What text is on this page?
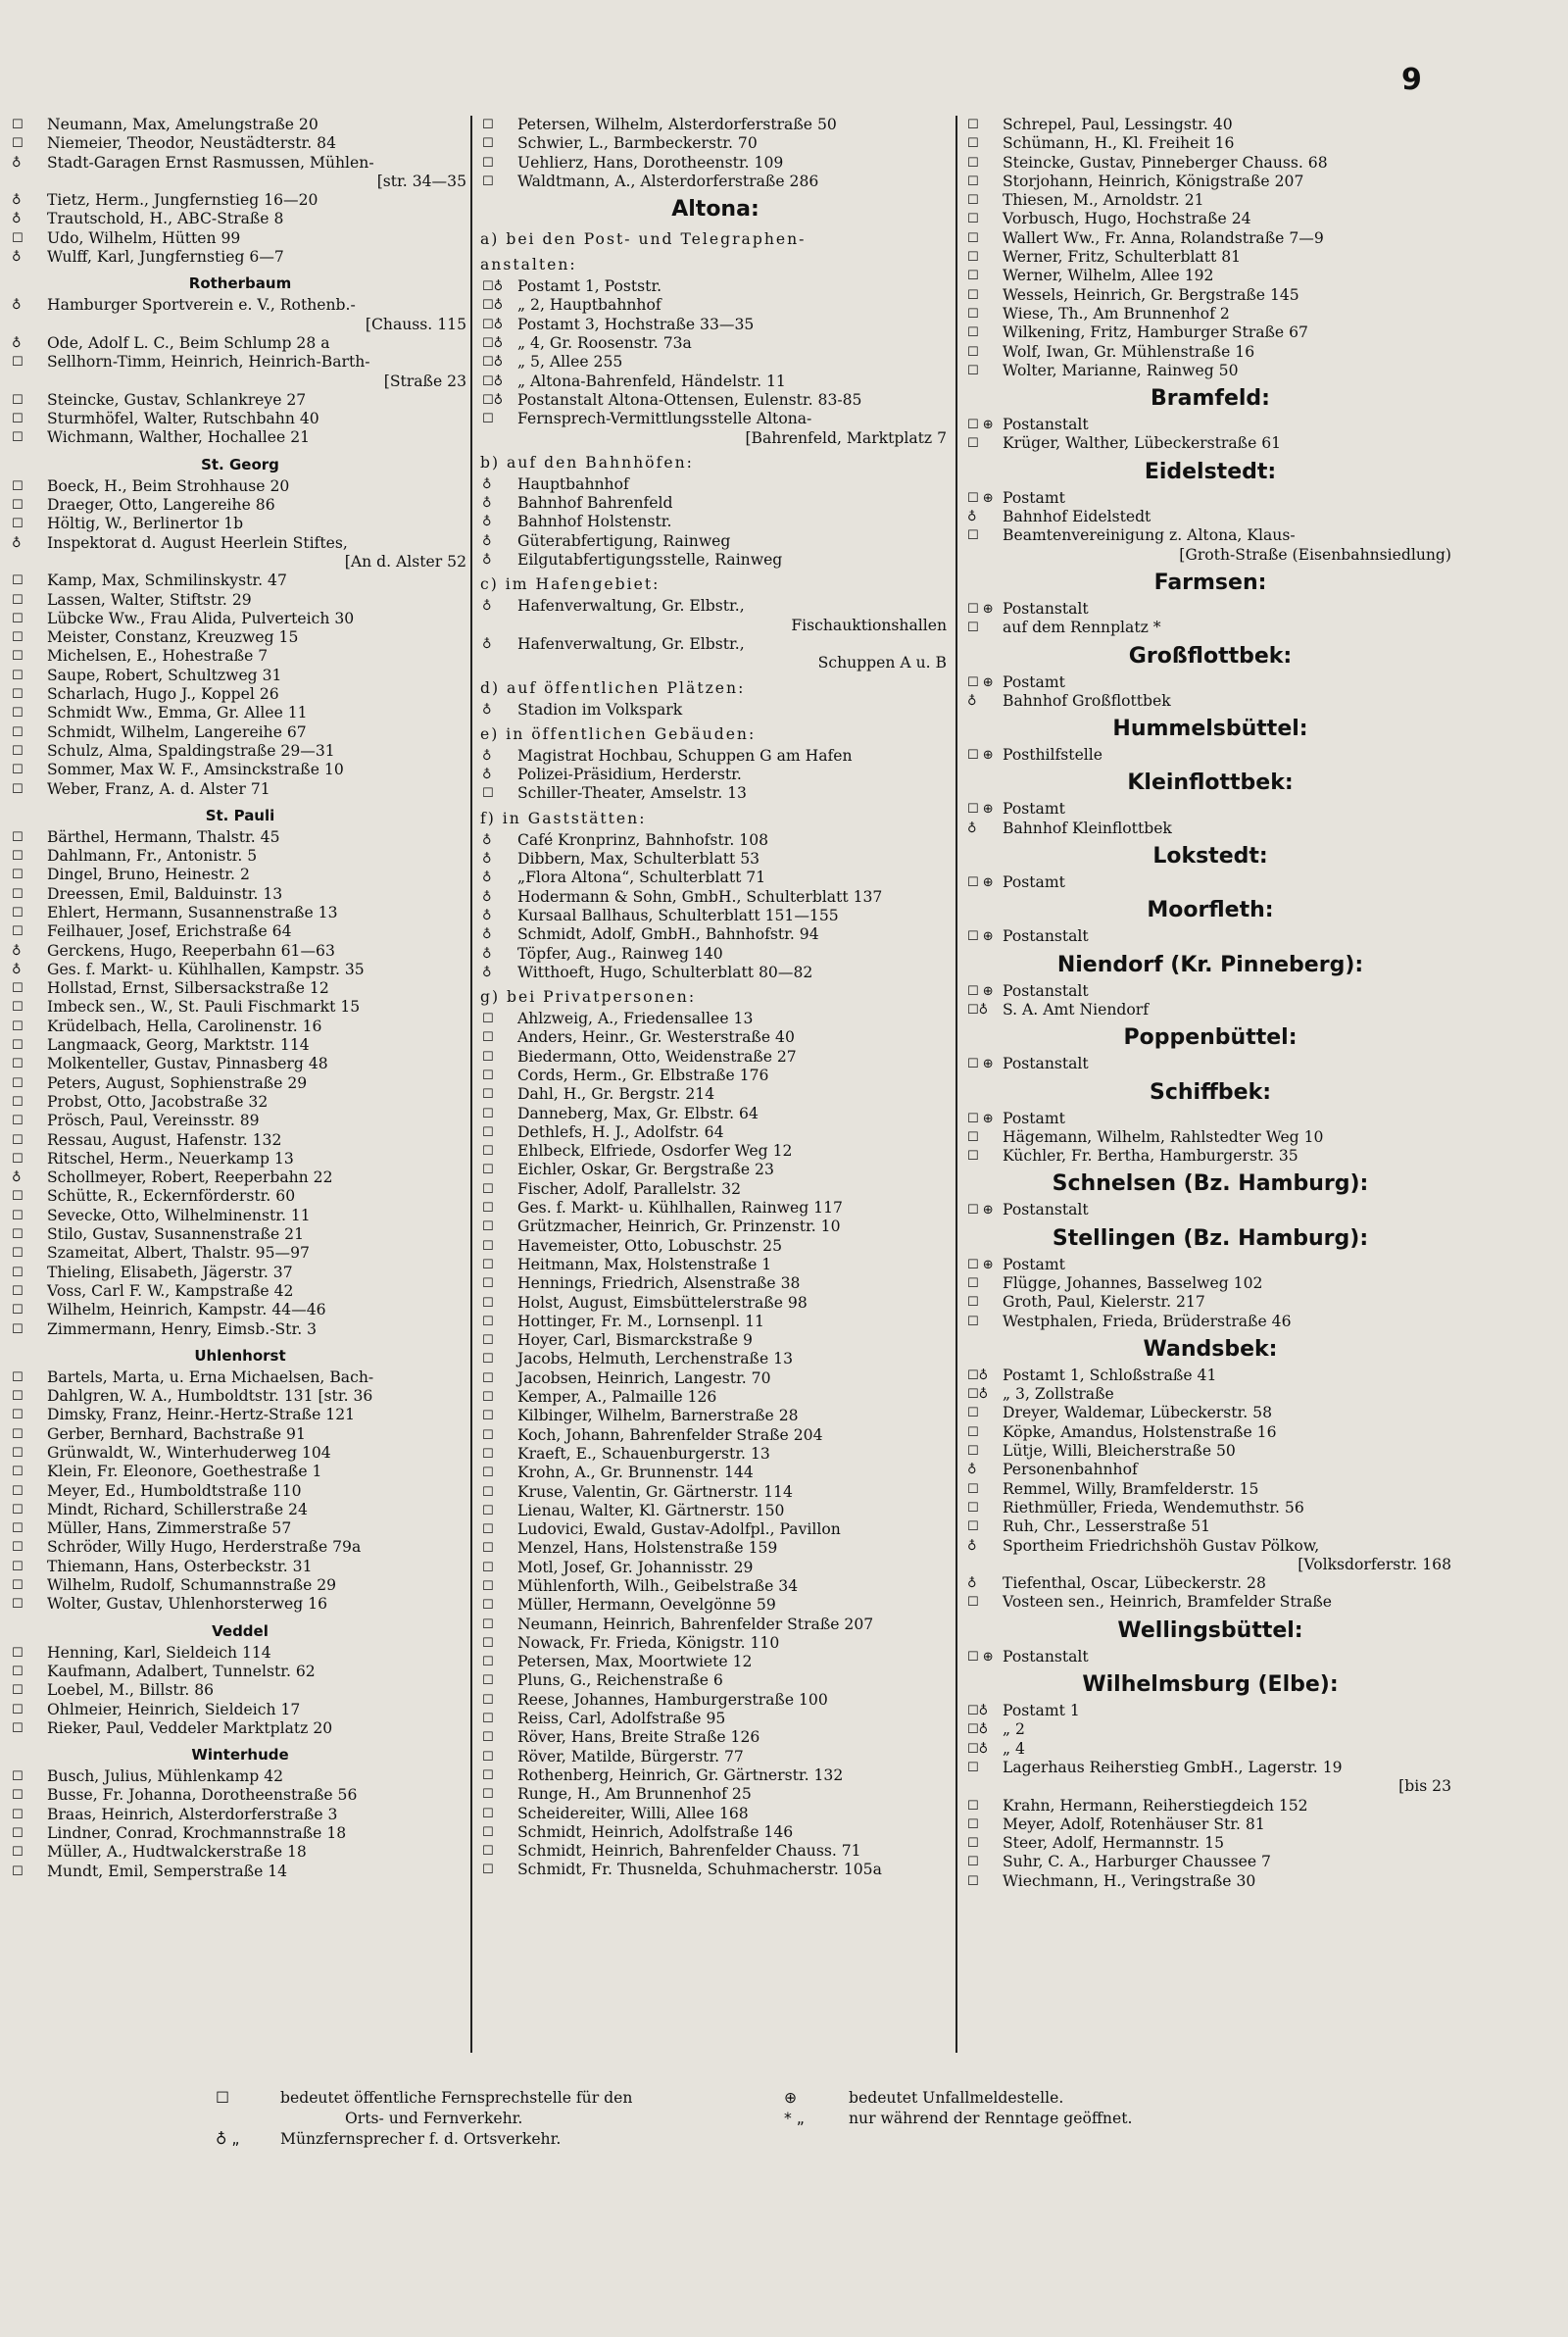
9
☐	Neumann, Max, Amelungstraße 20
☐	Niemeier, Theodor, Neustädterstr. 84
♁	Stadt-Garagen Ernst Rasmussen, Mühlen-
[str. 34—35
♁	Tietz, Herm., Jungfernstieg 16—20
♁	Trautschold, H., ABC-Straße 8
☐	Udo, Wilhelm, Hütten 99
♁	Wulff, Karl, Jungfernstieg 6—7
Rotherbaum
♁	Hamburger Sportverein e. V., Rothenb.-
[Chauss. 115
♁	Ode, Adolf L. C., Beim Schlump 28 a
☐	Sellhorn-Timm, Heinrich, Heinrich-Barth-
[Straße 23
☐	Steincke, Gustav, Schlankreye 27
☐	Sturmhöfel, Walter, Rutschbahn 40
☐	Wichmann, Walther, Hochallee 21
St. Georg
☐	Boeck, H., Beim Strohhause 20
☐	Draeger, Otto, Langereihe 86
☐	Höltig, W., Berlinertor 1b
♁	Inspektorat d. August Heerlein Stiftes,
[An d. Alster 52
☐	Kamp, Max, Schmilinskystr. 47
☐	Lassen, Walter, Stiftstr. 29
☐	Lübcke Ww., Frau Alida, Pulverteich 30
☐	Meister, Constanz, Kreuzweg 15
☐	Michelsen, E., Hohestraße 7
☐	Saupe, Robert, Schultzweg 31
☐	Scharlach, Hugo J., Koppel 26
☐	Schmidt Ww., Emma, Gr. Allee 11
☐	Schmidt, Wilhelm, Langereihe 67
☐	Schulz, Alma, Spaldingstraße 29—31
☐	Sommer, Max W. F., Amsinckstraße 10
☐	Weber, Franz, A. d. Alster 71
St. Pauli
☐	Bärthel, Hermann, Thalstr. 45
☐	Dahlmann, Fr., Antonistr. 5
☐	Dingel, Bruno, Heinestr. 2
☐	Dreessen, Emil, Balduinstr. 13
☐	Ehlert, Hermann, Susannenstraße 13
☐	Feilhauer, Josef, Erichstraße 64
♁	Gerckens, Hugo, Reeperbahn 61—63
♁	Ges. f. Markt- u. Kühlhallen, Kampstr. 35
☐	Hollstad, Ernst, Silbersackstraße 12
☐	Imbeck sen., W., St. Pauli Fischmarkt 15
☐	Krüdelbach, Hella, Carolinenstr. 16
☐	Langmaack, Georg, Marktstr. 114
☐	Molkenteller, Gustav, Pinnasberg 48
☐	Peters, August, Sophienstraße 29
☐	Probst, Otto, Jacobstraße 32
☐	Prösch, Paul, Vereinsstr. 89
☐	Ressau, August, Hafenstr. 132
☐	Ritschel, Herm., Neuerkamp 13
♁	Schollmeyer, Robert, Reeperbahn 22
☐	Schütte, R., Eckernförderstr. 60
☐	Sevecke, Otto, Wilhelminenstr. 11
☐	Stilo, Gustav, Susannenstraße 21
☐	Szameitat, Albert, Thalstr. 95—97
☐	Thieling, Elisabeth, Jägerstr. 37
☐	Voss, Carl F. W., Kampstraße 42
☐	Wilhelm, Heinrich, Kampstr. 44—46
☐	Zimmermann, Henry, Eimsb.-Str. 3
Uhlenhorst
☐	Bartels, Marta, u. Erna Michaelsen, Bach-
☐	Dahlgren, W. A., Humboldtstr. 131 [str. 36
☐	Dimsky, Franz, Heinr.-Hertz-Straße 121
☐	Gerber, Bernhard, Bachstraße 91
☐	Grünwaldt, W., Winterhuderweg 104
☐	Klein, Fr. Eleonore, Goethestraße 1
☐	Meyer, Ed., Humboldtstraße 110
☐	Mindt, Richard, Schillerstraße 24
☐	Müller, Hans, Zimmerstraße 57
☐	Schröder, Willy Hugo, Herderstraße 79a
☐	Thiemann, Hans, Osterbeckstr. 31
☐	Wilhelm, Rudolf, Schumannstraße 29
☐	Wolter, Gustav, Uhlenhorsterweg 16
Veddel
☐	Henning, Karl, Sieldeich 114
☐	Kaufmann, Adalbert, Tunnelstr. 62
☐	Loebel, M., Billstr. 86
☐	Ohlmeier, Heinrich, Sieldeich 17
☐	Rieker, Paul, Veddeler Marktplatz 20
Winterhude
☐	Busch, Julius, Mühlenkamp 42
☐	Busse, Fr. Johanna, Dorotheenstraße 56
☐	Braas, Heinrich, Alsterdorferstraße 3
☐	Lindner, Conrad, Krochmannstraße 18
☐	Müller, A., Hudtwalckerstraße 18
☐	Mundt, Emil, Semperstraße 14
☐	Petersen, Wilhelm, Alsterdorferstraße 50
☐	Schwier, L., Barmbeckerstr. 70
☐	Uehlierz, Hans, Dorotheenstr. 109
☐	Waldtmann, A., Alsterdorferstraße 286
Altona:
a) bei den Post- und Telegraphen-
anstalten:
☐♁ Postamt 1, Poststr.
☐♁ „ 2, Hauptbahnhof
☐♁ Postamt 3, Hochstraße 33—35
☐♁ „ 4, Gr. Roosenstr. 73a
☐♁ „ 5, Allee 255
☐♁ „ Altona-Bahrenfeld, Händelstr. 11
☐♁ Postanstalt Altona-Ottensen, Eulenstr. 83-85
☐	Fernsprech-Vermittlungsstelle Altona-
[Bahrenfeld, Marktplatz 7
b) auf den Bahnhöfen:
♁	Hauptbahnhof
♁	Bahnhof Bahrenfeld
♁	Bahnhof Holstenstr.
♁	Güterabfertigung, Rainweg
♁	Eilgutabfertigungsstelle, Rainweg
c) im Hafengebiet:
♁	Hafenverwaltung, Gr. Elbstr.,
Fischauktionshallen
♁	Hafenverwaltung, Gr. Elbstr.,
Schuppen A u. B
d) auf öffentlichen Plätzen:
♁	Stadion im Volkspark
e) in öffentlichen Gebäuden:
♁	Magistrat Hochbau, Schuppen G am Hafen
♁	Polizei-Präsidium, Herderstr.
☐	Schiller-Theater, Amselstr. 13
f) in Gaststätten:
♁	Café Kronprinz, Bahnhofstr. 108
♁	Dibbern, Max, Schulterblatt 53
♁	„Flora Altona“, Schulterblatt 71
♁	Hodermann & Sohn, GmbH., Schulterblatt 137
♁	Kursaal Ballhaus, Schulterblatt 151—155
♁	Schmidt, Adolf, GmbH., Bahnhofstr. 94
♁	Töpfer, Aug., Rainweg 140
♁	Witthoeft, Hugo, Schulterblatt 80—82
g) bei Privatpersonen:
☐	Ahlzweig, A., Friedensallee 13
☐	Anders, Heinr., Gr. Westerstraße 40
☐	Biedermann, Otto, Weidenstraße 27
☐	Cords, Herm., Gr. Elbstraße 176
☐	Dahl, H., Gr. Bergstr. 214
☐	Danneberg, Max, Gr. Elbstr. 64
☐	Dethlefs, H. J., Adolfstr. 64
☐	Ehlbeck, Elfriede, Osdorfer Weg 12
☐	Eichler, Oskar, Gr. Bergstraße 23
☐	Fischer, Adolf, Parallelstr. 32
☐	Ges. f. Markt- u. Kühlhallen, Rainweg 117
☐	Grützmacher, Heinrich, Gr. Prinzenstr. 10
☐	Havemeister, Otto, Lobuschstr. 25
☐	Heitmann, Max, Holstenstraße 1
☐	Hennings, Friedrich, Alsenstraße 38
☐	Holst, August, Eimsbüttelerstraße 98
☐	Hottinger, Fr. M., Lornsenpl. 11
☐	Hoyer, Carl, Bismarckstraße 9
☐	Jacobs, Helmuth, Lerchenstraße 13
☐	Jacobsen, Heinrich, Langestr. 70
☐	Kemper, A., Palmaille 126
☐	Kilbinger, Wilhelm, Barnerstraße 28
☐	Koch, Johann, Bahrenfelder Straße 204
☐	Kraeft, E., Schauenburgerstr. 13
☐	Krohn, A., Gr. Brunnenstr. 144
☐	Kruse, Valentin, Gr. Gärtnerstr. 114
☐	Lienau, Walter, Kl. Gärtnerstr. 150
☐	Ludovici, Ewald, Gustav-Adolfpl., Pavillon
☐	Menzel, Hans, Holstenstraße 159
☐	Motl, Josef, Gr. Johannisstr. 29
☐	Mühlenforth, Wilh., Geibelstraße 34
☐	Müller, Hermann, Oevelgönne 59
☐	Neumann, Heinrich, Bahrenfelder Straße 207
☐	Nowack, Fr. Frieda, Königstr. 110
☐	Petersen, Max, Moortwiete 12
☐	Pluns, G., Reichenstraße 6
☐	Reese, Johannes, Hamburgerstraße 100
☐	Reiss, Carl, Adolfstraße 95
☐	Röver, Hans, Breite Straße 126
☐	Röver, Matilde, Bürgerstr. 77
☐	Rothenberg, Heinrich, Gr. Gärtnerstr. 132
☐	Runge, H., Am Brunnenhof 25
☐	Scheidereiter, Willi, Allee 168
☐	Schmidt, Heinrich, Adolfstraße 146
☐	Schmidt, Heinrich, Bahrenfelder Chauss. 71
☐	Schmidt, Fr. Thusnelda, Schuhmacherstr. 105a
☐	Schrepel, Paul, Lessingstr. 40
☐	Schümann, H., Kl. Freiheit 16
☐	Steincke, Gustav, Pinneberger Chauss. 68
☐	Storjohann, Heinrich, Königstraße 207
☐	Thiesen, M., Arnoldstr. 21
☐	Vorbusch, Hugo, Hochstraße 24
☐	Wallert Ww., Fr. Anna, Rolandstraße 7—9
☐	Werner, Fritz, Schulterblatt 81
☐	Werner, Wilhelm, Allee 192
☐	Wessels, Heinrich, Gr. Bergstraße 145
☐	Wiese, Th., Am Brunnenhof 2
☐	Wilkening, Fritz, Hamburger Straße 67
☐	Wolf, Iwan, Gr. Mühlenstraße 16
☐	Wolter, Marianne, Rainweg 50
Bramfeld:
☐ ⊕ Postanstalt
☐	Krüger, Walther, Lübeckerstraße 61
Eidelstedt:
☐ ⊕ Postamt
♁	Bahnhof Eidelstedt
☐	Beamtenvereinigung z. Altona, Klaus-
[Groth-Straße (Eisenbahnsiedlung)
Farmsen:
☐ ⊕ Postanstalt
☐	auf dem Rennplatz *
Großflottbek:
☐ ⊕ Postamt
♁	Bahnhof Großflottbek
Hummelsbüttel:
☐ ⊕ Posthilfstelle
Kleinflottbek:
☐ ⊕ Postamt
♁	Bahnhof Kleinflottbek
Lokstedt:
☐ ⊕ Postamt
Moorfleth:
☐ ⊕ Postanstalt
Niendorf (Kr. Pinneberg):
☐ ⊕ Postanstalt
☐♁ S. A. Amt Niendorf
Poppenbüttel:
☐ ⊕ Postanstalt
Schiffbek:
☐ ⊕ Postamt
☐	Hägemann, Wilhelm, Rahlstedter Weg 10
☐	Küchler, Fr. Bertha, Hamburgerstr. 35
Schnelsen (Bz. Hamburg):
☐ ⊕ Postanstalt
Stellingen (Bz. Hamburg):
☐ ⊕ Postamt
☐	Flügge, Johannes, Basselweg 102
☐	Groth, Paul, Kielerstr. 217
☐	Westphalen, Frieda, Brüderstraße 46
Wandsbek:
☐♁ Postamt 1, Schloßstraße 41
☐♁ „ 3, Zollstraße
☐	Dreyer, Waldemar, Lübeckerstr. 58
☐	Köpke, Amandus, Holstenstraße 16
☐	Lütje, Willi, Bleicherstraße 50
♁	Personenbahnhof
☐	Remmel, Willy, Bramfelderstr. 15
☐	Riethmüller, Frieda, Wendemuthstr. 56
☐	Ruh, Chr., Lesserstraße 51
♁	Sportheim Friedrichshöh Gustav Pölkow,
[Volksdorferstr. 168
♁	Tiefenthal, Oscar, Lübeckerstr. 28
☐	Vosteen sen., Heinrich, Bramfelder Straße
Wellingsbüttel:
☐ ⊕ Postanstalt
Wilhelmsburg (Elbe):
☐♁ Postamt 1
☐♁ „ 2
☐♁ „ 4
☐	Lagerhaus Reiherstieg GmbH., Lagerstr. 19
[bis 23
☐	Krahn, Hermann, Reiherstiegdeich 152
☐	Meyer, Adolf, Rotenhäuser Str. 81
☐	Steer, Adolf, Hermannstr. 15
☐	Suhr, C. A., Harburger Chaussee 7
☐	Wiechmann, H., Veringstraße 30
☐	bedeutet öffentliche Fernsprechstelle für den
Orts- und Fernverkehr.
♁ „	Münzfernsprecher f. d. Ortsverkehr.
⊕	bedeutet Unfallmeldestelle.
* „	nur während der Renntage geöffnet.
